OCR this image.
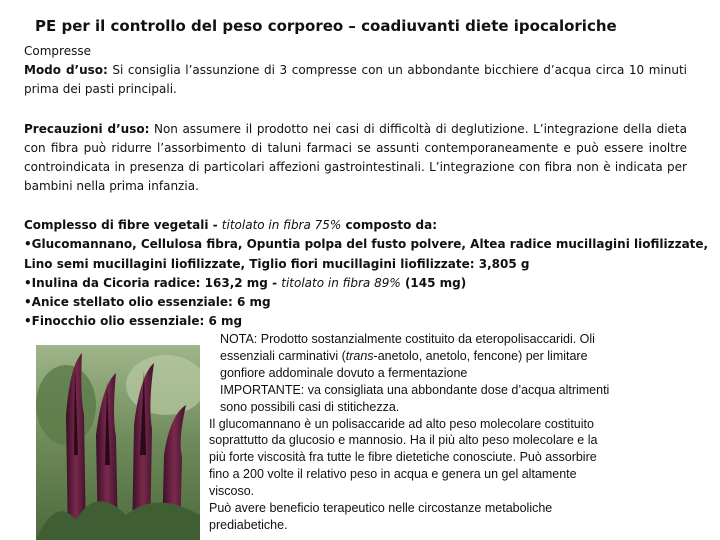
PE per il controllo del peso corporeo – coadiuvanti diete ipocaloriche
Compresse
Modo d’uso: Si consiglia l’assunzione di 3 compresse con un abbondante bicchiere d’acqua circa 10 minuti prima dei pasti principali.
Precauzioni d’uso: Non assumere il prodotto nei casi di difficoltà di deglutizione. L’integrazione della dieta con fibra può ridurre l’assorbimento di taluni farmaci se assunti contemporaneamente e può essere inoltre controindicata in presenza di particolari affezioni gastrointestinali. L’integrazione con fibra non è indicata per bambini nella prima infanzia.
Complesso di fibre vegetali - titolato in fibra 75% composto da:
•Glucomannano, Cellulosa fibra, Opuntia polpa del fusto polvere, Altea radice mucillagini liofilizzate,
Lino semi mucillagini liofilizzate, Tiglio fiori mucillagini liofilizzate: 3,805 g
•Inulina da Cicoria radice: 163,2 mg - titolato in fibra 89% (145 mg)
•Anice stellato olio essenziale: 6 mg
•Finocchio olio essenziale: 6 mg
NOTA: Prodotto sostanzialmente costituito da eteropolisaccaridi. Oli
essenziali carminativi (trans-anetolo, anetolo, fencone) per limitare
gonfiore addominale dovuto a fermentazione
IMPORTANTE: va consigliata una abbondante dose d’acqua altrimenti
sono possibili casi di stitichezza.
Il glucomannano è un polisaccaride ad alto peso molecolare costituito
soprattutto da glucosio e mannosio. Ha il più alto peso molecolare e la
più forte viscosità fra tutte le fibre dietetiche conosciute. Può assorbire
fino a 200 volte il relativo peso in acqua e genera un gel altamente
viscoso.
Può avere beneficio terapeutico nelle circostanze metaboliche
prediabetiche.
